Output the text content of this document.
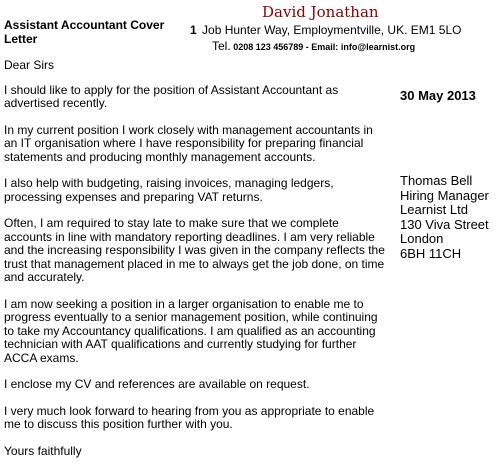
Assistant Accountant Cover Letter
David Jonathan
1 Job Hunter Way, Employmentville, UK. EM1 5LO
Tel. 0208 123 456789 - Email: info@learnist.org

Dear Sirs

I should like to apply for the position of Assistant Accountant as advertised recently.

In my current position I work closely with management accountants in an IT organisation where I have responsibility for preparing financial statements and producing monthly management accounts.

I also help with budgeting, raising invoices, managing ledgers, processing expenses and preparing VAT returns.

Often, I am required to stay late to make sure that we complete accounts in line with mandatory reporting deadlines. I am very reliable and the increasing responsibility I was given in the company reflects the trust that management placed in me to always get the job done, on time and accurately.

I am now seeking a position in a larger organisation to enable me to progress eventually to a senior management position, while continuing to take my Accountancy qualifications. I am qualified as an accounting technician with AAT qualifications and currently studying for further ACCA exams.

I enclose my CV and references are available on request.

I very much look forward to hearing from you as appropriate to enable me to discuss this position further with you.

Yours faithfully

30 May 2013
Thomas Bell
Hiring Manager
Learnist Ltd
130 Viva Street
London
6BH 11CH
